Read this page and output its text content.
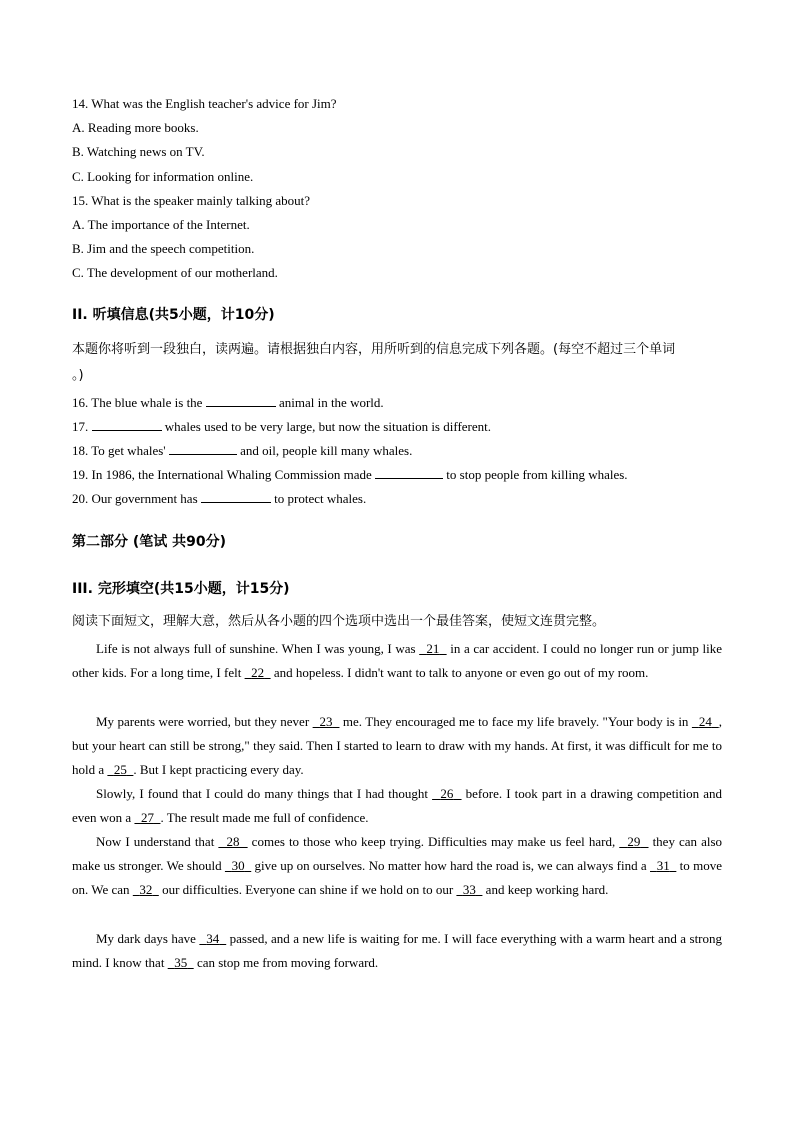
14. What was the English teacher's advice for Jim?
A. Reading more books.
B. Watching news on TV.
C. Looking for information online.
15. What is the speaker mainly talking about?
A. The importance of the Internet.
B. Jim and the speech competition.
C. The development of our motherland.
II. 听填信息(共5小题，计10分)
本题你将听到一段独白，读两遍。请根据独白内容，用所听到的信息完成下列各题。(每空不超过三个单词
。)
16. The blue whale is the	animal in the world.
17.	whales used to be very large, but now the situation is different.
18. To get whales'	and oil, people kill many whales.
19. In 1986, the International Whaling Commission made	to stop people from killing whales.
20. Our government has	to protect whales.
第二部分 (笔试 共90分)
III. 完形填空(共15小题，计15分)
阅读下面短文，理解大意，然后从各小题的四个选项中选出一个最佳答案，使短文连贯完整。
Life is not always full of sunshine. When I was young, I was   21   in a car accident. I could no longer run or jump like other kids. For a long time, I felt   22   and hopeless. I didn't want to talk to anyone or even go out of my room.
My parents were worried, but they never   23   me. They encouraged me to face my life bravely. "Your body is in   24 , but your heart can still be strong," they said. Then I started to learn to draw with my hands. At first, it was difficult for me to hold a   25 . But I kept practicing every day.
Slowly, I found that I could do many things that I had thought   26   before. I took part in a drawing competition and even won a   27 . The result made me full of confidence.
Now I understand that   28   comes to those who keep trying. Difficulties may make us feel hard,   29   they can also make us stronger. We should   30   give up on ourselves. No matter how hard the road is, we can always find a   31   to move on. We can   32   our difficulties. Everyone can shine if we hold on to our   33   and keep working hard.
My dark days have   34   passed, and a new life is waiting for me. I will face everything with a warm heart and a strong mind. I know that   35   can stop me from moving forward.
